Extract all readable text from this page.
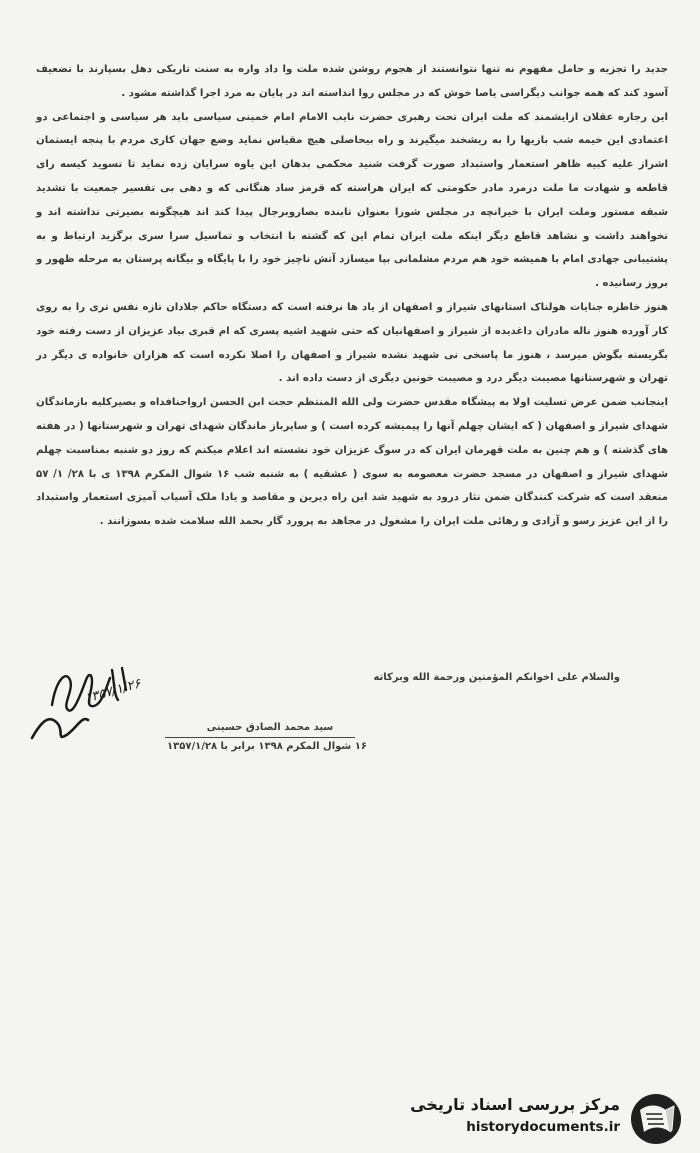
جدید را تجزیه و حامل مفهوم نه تنها نتوانستند از هجوم روشن شده ملت وا داد واره به سنت تاریکی دهل بسپارند با تضعیف آسود کند که همه جوانب دیگراسی یاصا خوش که در مجلس روا انداسته اند در پایان به مرد اجرا گذاشته مشود .

این رجاره عقلان ازایشمند که ملت ایران تحت رهبری حضرت نایب الامام امام خمینی سیاسی باید هر سیاسی و اجتماعی دو اعتمادی این خیمه شب بازیها را به ریشخند میگیرند و راه بیحاصلی هیچ مقیاس نماید وضع جهان کاری مردم با پنجه ایستمان اشراز علیه کبیه ظاهر استعمار واستبداد صورت گرفت شنید محکمی بدهان این یاوه سرایان زده نماید تا تسوید کیسه رای قاطعه و شهادت ما ملت درمرد مادر حکومتی که ایران هراسته که قرمز ساد هنگانی که و دهی بی تفسیر جمعیت با تشدید شبقه مستور وملت ایران با خیرانچه در مجلس شورا بعنوان تابنده بصاروبرجال پیدا کند اند هیچگونه بصیرتی نداشته اند و نخواهند داشت و نشاهد قاطع دیگر اینکه ملت ایران تمام این که گشته با انتخاب و تماسیل سرا سری برگزید ارتباط و به پشتیبانی جهادی امام با همیشه خود هم مردم مشلمانی بپا میسازد آتش ناچیز خود را با پایگاه و بیگانه پرستان به مرحله ظهور و بروز رسانیده .

هنوز خاطره جنایات هولناک استانهای شیراز و اصفهان از یاد ها نرفته است که دستگاه حاکم جلادان تازه نفس تری را به روی کار آورده هنوز ناله مادران داغدیده از شیراز و اصفهانیان که حتی شهید اشیه پسری که ام قبری بیاد عزیزان از دست رفته خود بگریسته بگوش میرسد ، هنوز ما پاسخی نی شهید نشده شیراز و اصفهان را اصلا نکرده است که هزاران خانواده ی دیگر در تهران و شهرستانها مصیبت دیگر درد و مصیبت خونین دیگری از دست داده اند .

اینجانب ضمن عرض تسلیت اولا به پیشگاه مقدس حضرت ولی الله المنتظم حجت ابن الحسن ارواحنافداه و بصیرکلیه بازماندگان شهدای شیراز و اصفهان ( که ایشان چهلم آنها را پیمیشه کرده است ) و سایرباز ماندگان شهدای تهران و شهرستانها ( در هفته های گذشته ) و هم چنین به ملت قهرمان ایران که در سوگ عزیزان خود نشسته اند اعلام میکنم که روز دو شنبه بمناسبت چهلم شهدای شیراز و اصفهان در مسجد حضرت معصومه به سوی ( عشقیه ) به شنبه شب ۱۶ شوال المکرم ۱۳۹۸ ی با ۲۸/ ۱/ ۵۷ منعقد است که شرکت کنندگان ضمن نثار درود به شهید شد این راه دیرین و مقاصد و یادا ملک آسیاب آمیزی استعمار واستبداد را از این عزیز رسو و آزادی و رهائی ملت ایران را مشغول در مجاهد به پرورد گار بحمد الله سلامت شده بسوزانند .

والسلام علی اخوانکم المؤمنین ورحمة الله وبرکاته
۱۳۵۷/۱/۲۶
سید محمد الصادق حسینی
۱۶ شوال المکرم ۱۳۹۸ برابر با ۱۳۵۷/۱/۲۸
مرکز بررسی اسناد تاریخی
historydocuments.ir
